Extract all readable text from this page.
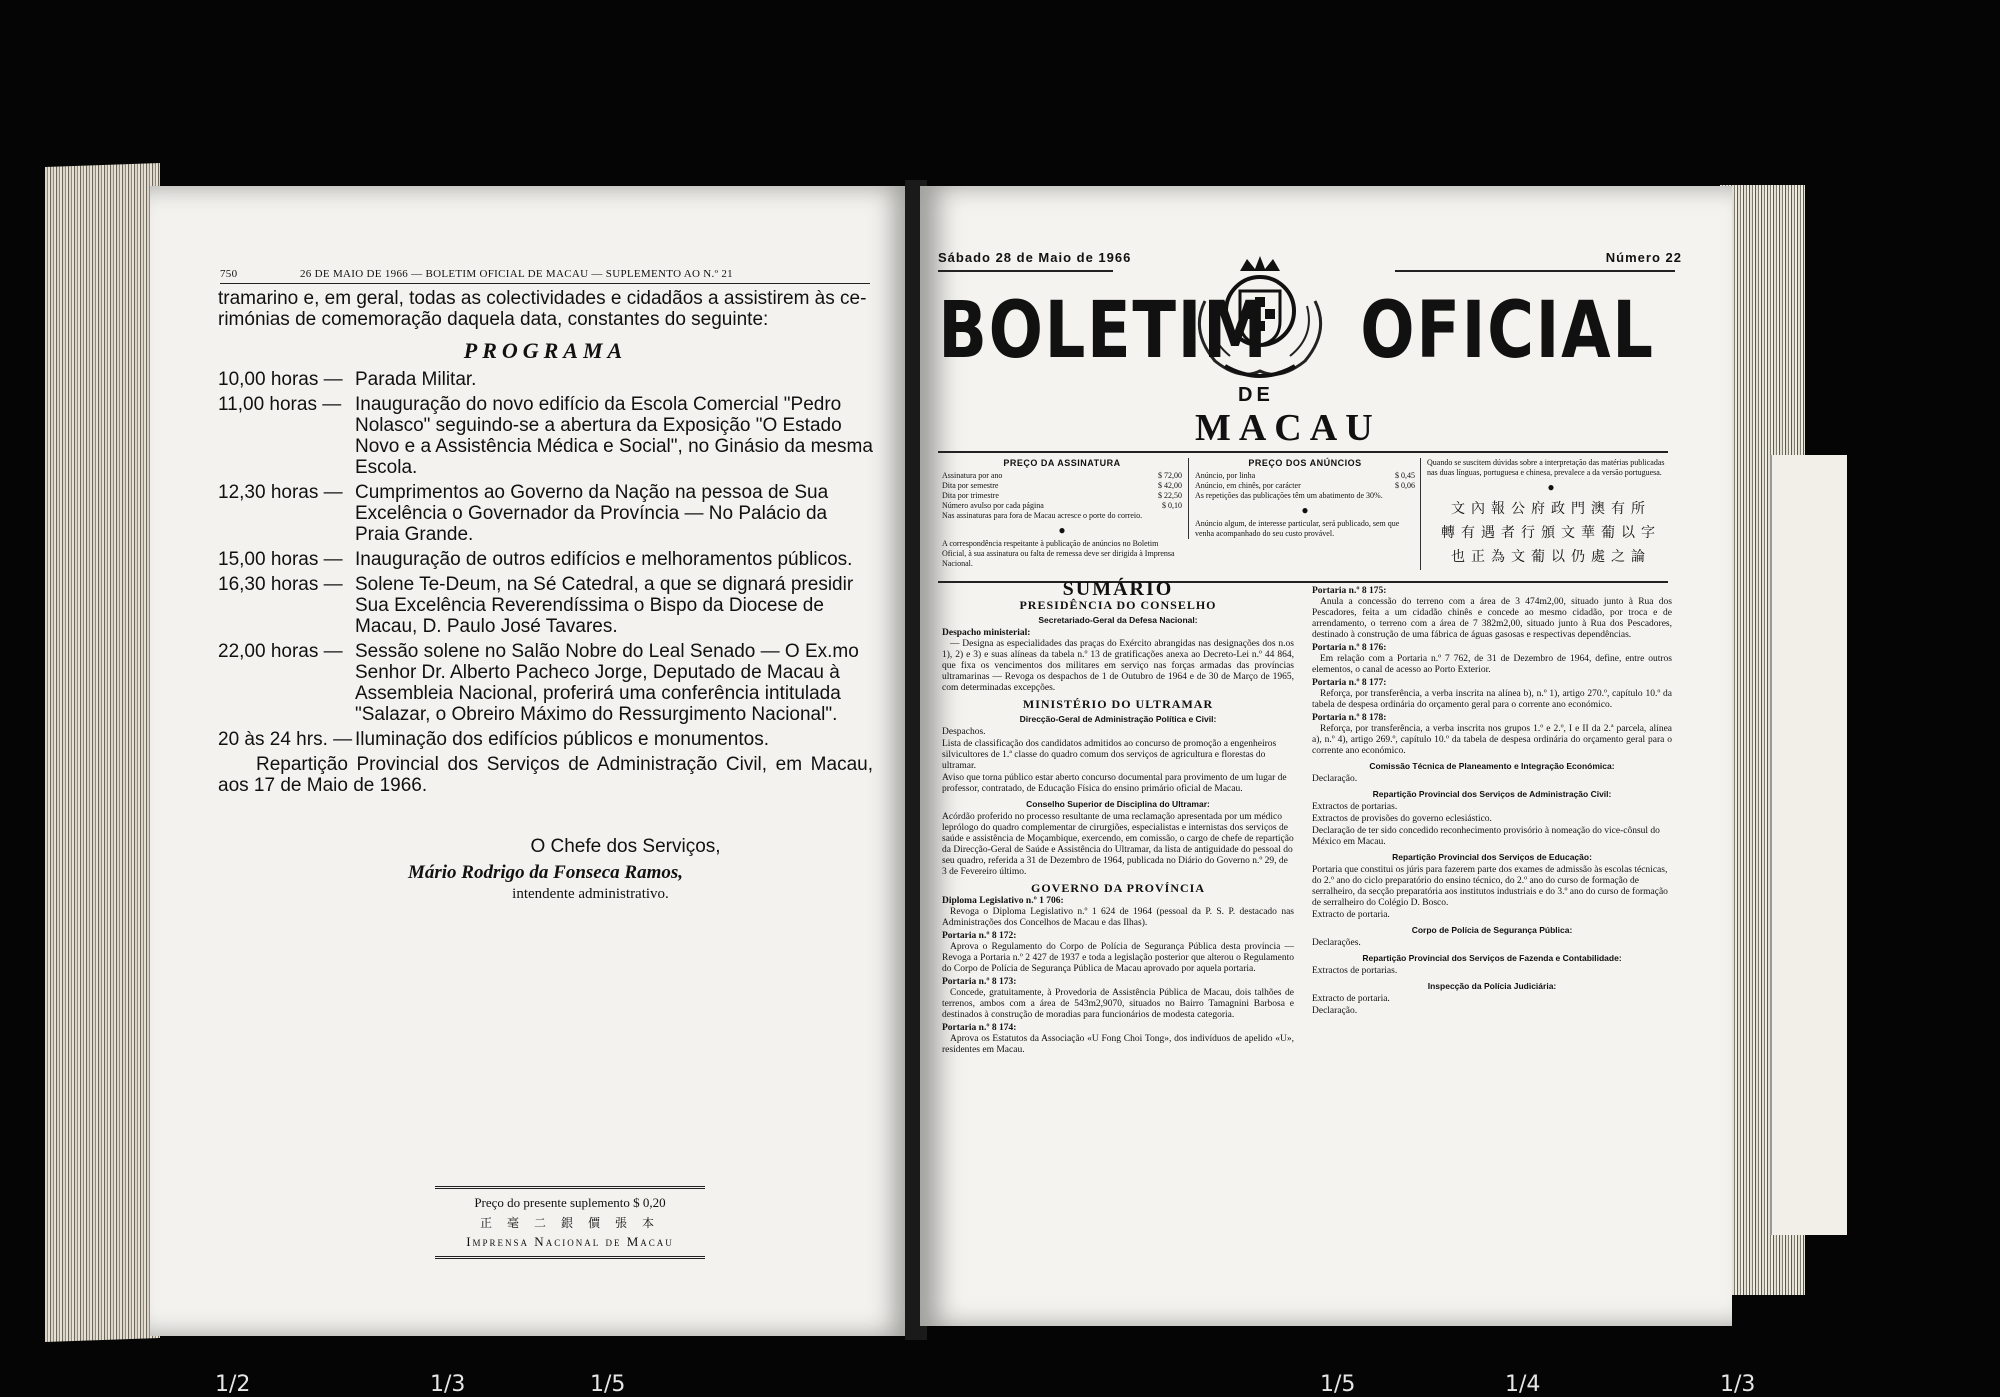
750	26 DE MAIO DE 1966 — BOLETIM OFICIAL DE MACAU — SUPLEMENTO AO N.º 21

tramarino e, em geral, todas as colectividades e cidadãos a assistirem às ce-

rimónias de comemoração daquela data, constantes do seguinte:

PROGRAMA
10,00 horas — Parada Militar.
11,00 horas — Inauguração do novo edifício da Escola Comercial "Pedro Nolasco" seguindo-se a abertura da Exposição "O Estado Novo e a Assistência Médica e Social", no Ginásio da mesma Escola.
12,30 horas — Cumprimentos ao Governo da Nação na pessoa de Sua Excelência o Governador da Província — No Palácio da Praia Grande.
15,00 horas — Inauguração de outros edifícios e melhoramentos públicos.
16,30 horas — Solene Te-Deum, na Sé Catedral, a que se dignará presidir Sua Excelência Reverendíssima o Bispo da Diocese de Macau, D. Paulo José Tavares.
22,00 horas — Sessão solene no Salão Nobre do Leal Senado — O Ex.mo Senhor Dr. Alberto Pacheco Jorge, Deputado de Macau à Assembleia Nacional, proferirá uma conferência intitulada "Salazar, o Obreiro Máximo do Ressurgimento Nacional".
20 às 24 hrs. — Iluminação dos edifícios públicos e monumentos.

Repartição Provincial dos Serviços de Administração Civil, em Macau, aos 17 de Maio de 1966.

O Chefe dos Serviços,
Mário Rodrigo da Fonseca Ramos,
intendente administrativo.
Preço do presente suplemento $ 0,20
正 毫 二 銀 價 張 本
Imprensa Nacional de Macau
Sábado 28 de Maio de 1966	Número 22
BOLETIM OFICIAL
DE
MACAU
PREÇO DA ASSINATURA
Assinatura por ano	$ 72,00
Dita por semestre	$ 42,00
Dita por trimestre	$ 22,50
Número avulso por cada página	$ 0,10
Nas assinaturas para fora de Macau acresce o porte do correio.
●
A correspondência respeitante à publicação de anúncios no Boletim Oficial, à sua assinatura ou falta de remessa deve ser dirigida à Imprensa Nacional.
PREÇO DOS ANÚNCIOS
Anúncio, por linha	$ 0,45
Anúncio, em chinês, por carácter	$ 0,06
As repetições das publicações têm um abatimento de 30%.
●
Anúncio algum, de interesse particular, será publicado, sem que venha acompanhado do seu custo provável.
Quando se suscitem dúvidas sobre a interpretação das matérias publicadas nas duas línguas, portuguesa e chinesa, prevalece a da versão portuguesa.
●
文內報公府政門澳有所
轉有遇者行頒文華葡以字
也正為文葡以仍處之論
SUMÁRIO
PRESIDÊNCIA DO CONSELHO
Secretariado-Geral da Defesa Nacional:
Despacho ministerial:
— Designa as especialidades das praças do Exército abrangidas nas designações dos n.os 1), 2) e 3) e suas alíneas da tabela n.º 13 de gratificações anexa ao Decreto-Lei n.º 44 864, que fixa os vencimentos dos militares em serviço nas forças armadas das províncias ultramarinas — Revoga os despachos de 1 de Outubro de 1964 e de 30 de Março de 1965, com determinadas excepções.
MINISTÉRIO DO ULTRAMAR
Direcção-Geral de Administração Política e Civil:
Despachos.
Lista de classificação dos candidatos admitidos ao concurso de promoção a engenheiros silvicultores de 1.ª classe do quadro comum dos serviços de agricultura e florestas do ultramar.
Aviso que torna público estar aberto concurso documental para provimento de um lugar de professor, contratado, de Educação Física do ensino primário oficial de Macau.
Conselho Superior de Disciplina do Ultramar:
Acórdão proferido no processo resultante de uma reclamação apresentada por um médico leprólogo do quadro complementar de cirurgiões, especialistas e internistas dos serviços de saúde e assistência de Moçambique, exercendo, em comissão, o cargo de chefe de repartição da Direcção-Geral de Saúde e Assistência do Ultramar, da lista de antiguidade do pessoal do seu quadro, referida a 31 de Dezembro de 1964, publicada no Diário do Governo n.º 29, de 3 de Fevereiro último.
GOVERNO DA PROVÍNCIA
Diploma Legislativo n.º 1 706:
Revoga o Diploma Legislativo n.º 1 624 de 1964 (pessoal da P. S. P. destacado nas Administrações dos Concelhos de Macau e das Ilhas).
Portaria n.º 8 172:
Aprova o Regulamento do Corpo de Polícia de Segurança Pública desta província — Revoga a Portaria n.º 2 427 de 1937 e toda a legislação posterior que alterou o Regulamento do Corpo de Polícia de Segurança Pública de Macau aprovado por aquela portaria.
Portaria n.º 8 173:
Concede, gratuitamente, à Provedoria de Assistência Pública de Macau, dois talhões de terrenos, ambos com a área de 543m2,9070, situados no Bairro Tamagnini Barbosa e destinados à construção de moradias para funcionários de modesta categoria.
Portaria n.º 8 174:
Aprova os Estatutos da Associação «U Fong Choi Tong», dos indivíduos de apelido «U», residentes em Macau.
Portaria n.º 8 175:
Anula a concessão do terreno com a área de 3 474m2,00, situado junto à Rua dos Pescadores, feita a um cidadão chinês e concede ao mesmo cidadão, por troca e de arrendamento, o terreno com a área de 7 382m2,00, situado junto à Rua dos Pescadores, destinado à construção de uma fábrica de águas gasosas e respectivas dependências.
Portaria n.º 8 176:
Em relação com a Portaria n.º 7 762, de 31 de Dezembro de 1964, define, entre outros elementos, o canal de acesso ao Porto Exterior.
Portaria n.º 8 177:
Reforça, por transferência, a verba inscrita na alínea b), n.º 1), artigo 270.º, capítulo 10.º da tabela de despesa ordinária do orçamento geral para o corrente ano económico.
Portaria n.º 8 178:
Reforça, por transferência, a verba inscrita nos grupos 1.º e 2.º, I e II da 2.ª parcela, alínea a), n.º 4), artigo 269.º, capítulo 10.º da tabela de despesa ordinária do orçamento geral para o corrente ano económico.
Comissão Técnica de Planeamento e Integração Económica:
Declaração.
Repartição Provincial dos Serviços de Administração Civil:
Extractos de portarias.
Extractos de provisões do governo eclesiástico.
Declaração de ter sido concedido reconhecimento provisório à nomeação do vice-cônsul do México em Macau.
Repartição Provincial dos Serviços de Educação:
Portaria que constitui os júris para fazerem parte dos exames de admissão às escolas técnicas, do 2.º ano do ciclo preparatório do ensino técnico, do 2.º ano do curso de formação de serralheiro, da secção preparatória aos institutos industriais e do 3.º ano do curso de formação de serralheiro do Colégio D. Bosco.
Extracto de portaria.
Corpo de Polícia de Segurança Pública:
Declarações.
Repartição Provincial dos Serviços de Fazenda e Contabilidade:
Extractos de portarias.
Inspecção da Polícia Judiciária:
Extracto de portaria.
Declaração.
1/2	1/3	1/5	1/5	1/4	1/3
